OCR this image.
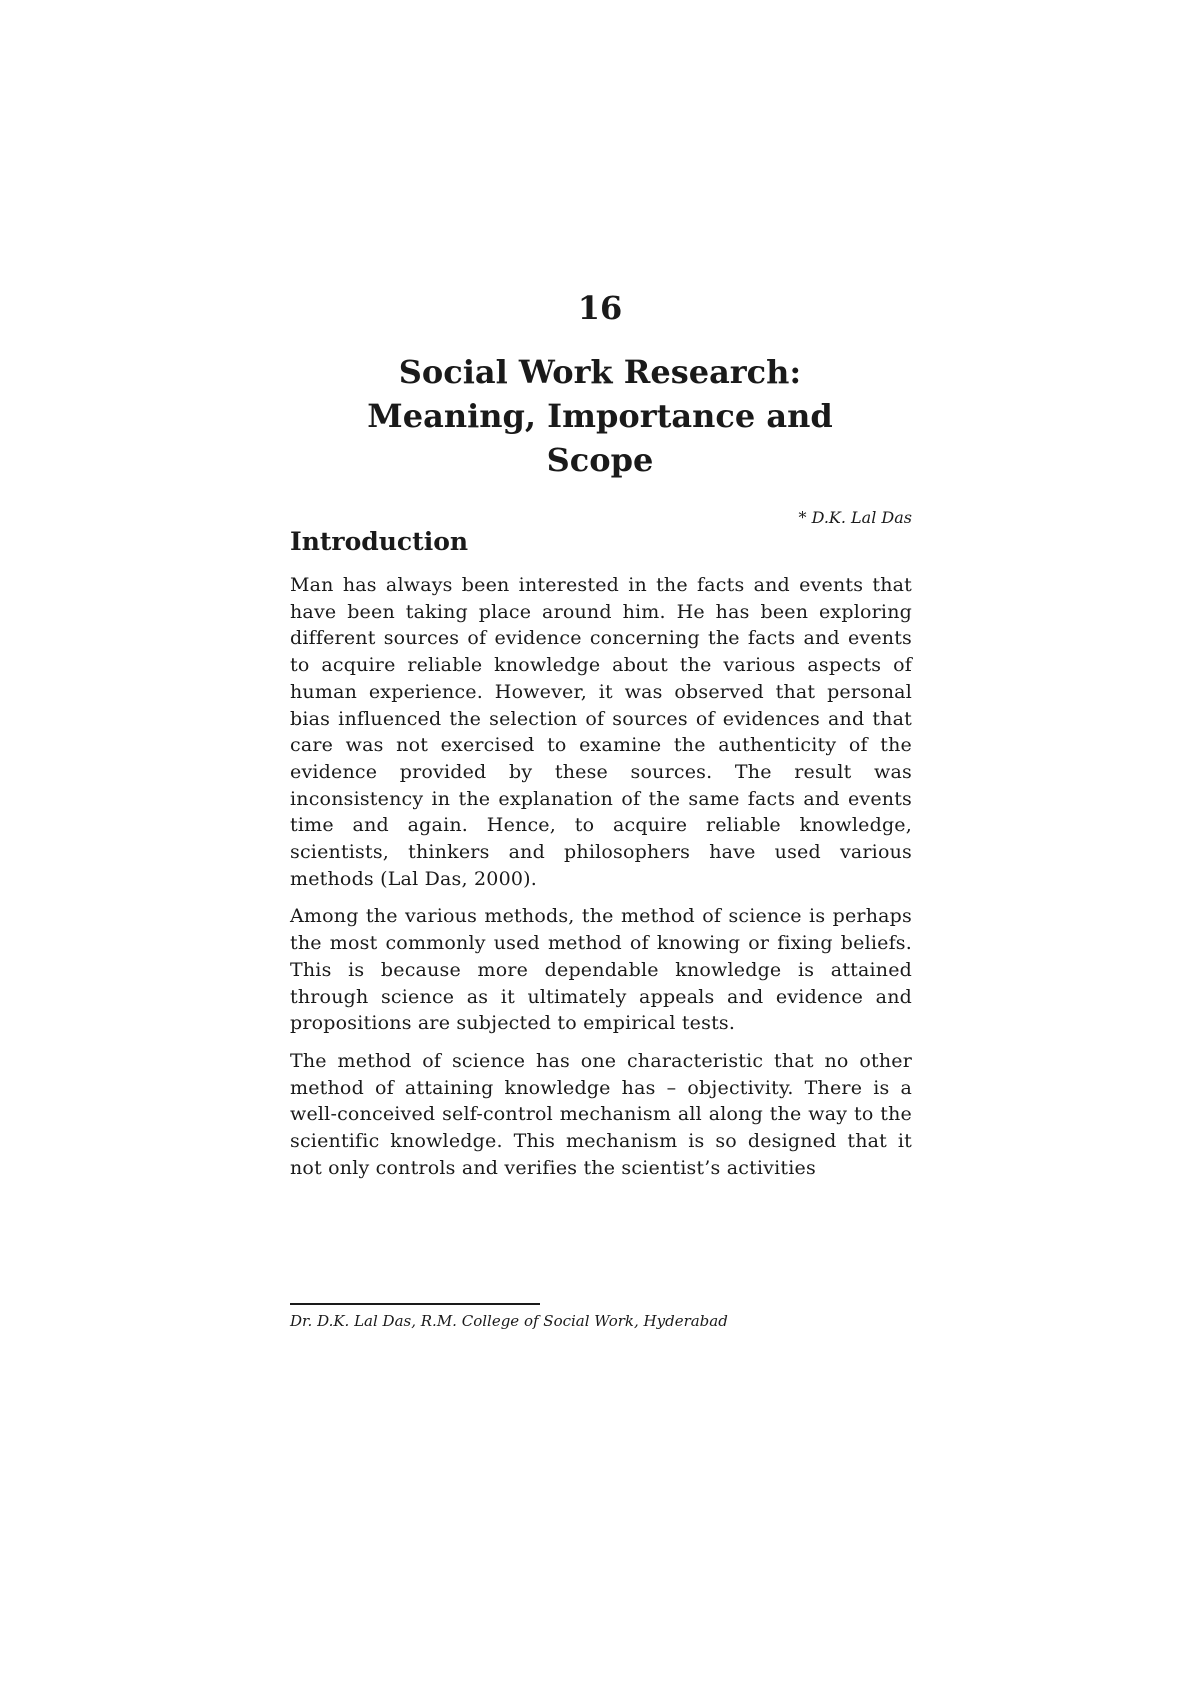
16
Social Work Research:
Meaning, Importance and
Scope

* D.K. Lal Das

Introduction

Man has always been interested in the facts and events that have been taking place around him. He has been exploring different sources of evidence concerning the facts and events to acquire reliable knowledge about the various aspects of human experience. However, it was observed that personal bias influenced the selection of sources of evidences and that care was not exercised to examine the authenticity of the evidence provided by these sources. The result was inconsistency in the explanation of the same facts and events time and again. Hence, to acquire reliable knowledge, scientists, thinkers and philosophers have used various methods (Lal Das, 2000).

Among the various methods, the method of science is perhaps the most commonly used method of knowing or fixing beliefs. This is because more dependable knowledge is attained through science as it ultimately appeals and evidence and propositions are subjected to empirical tests.

The method of science has one characteristic that no other method of attaining knowledge has – objectivity. There is a well-conceived self-control mechanism all along the way to the scientific knowledge. This mechanism is so designed that it not only controls and verifies the scientist’s activities

Dr. D.K. Lal Das, R.M. College of Social Work, Hyderabad
